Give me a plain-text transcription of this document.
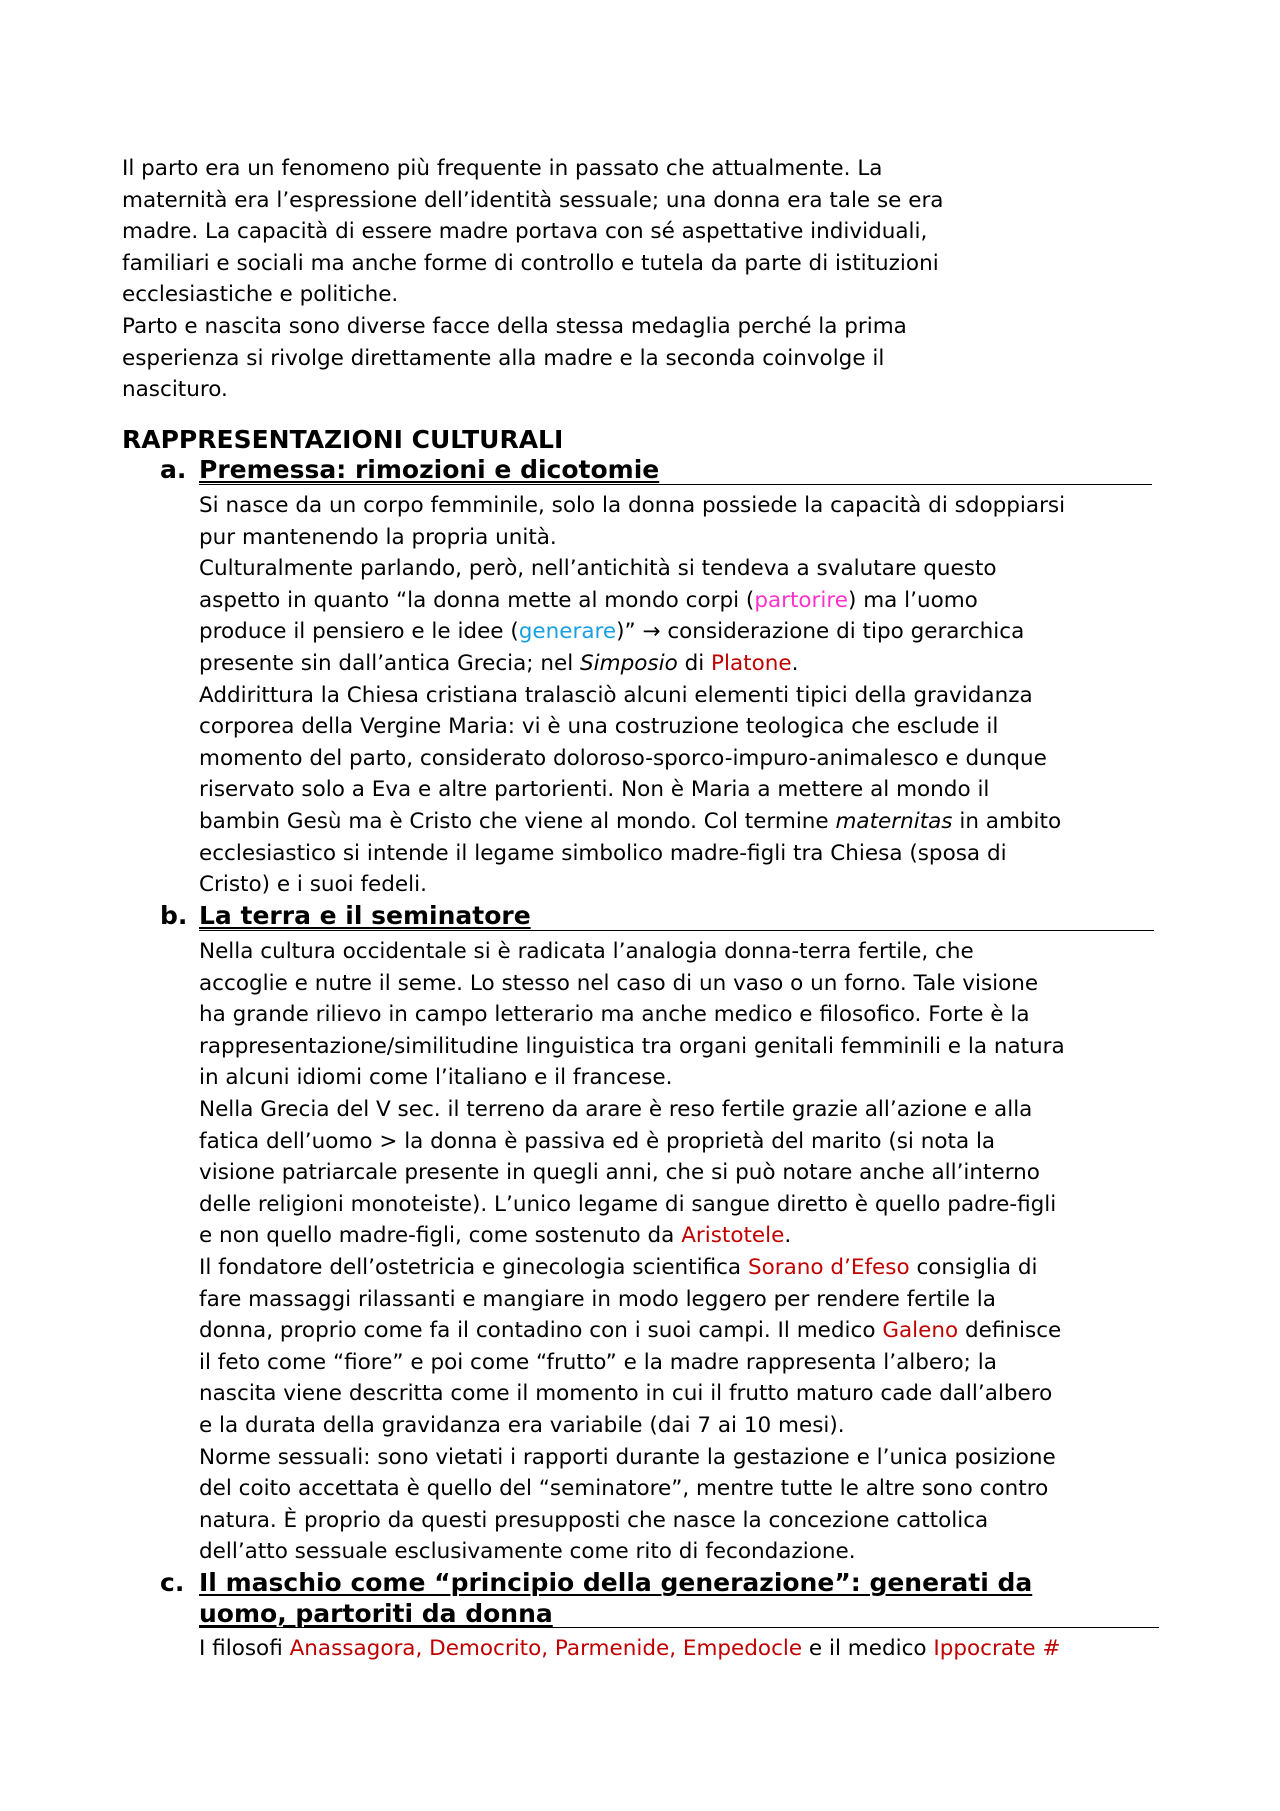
Il parto era un fenomeno più frequente in passato che attualmente. La

maternità era l’espressione dell’identità sessuale; una donna era tale se era

madre. La capacità di essere madre portava con sé aspettative individuali,

familiari e sociali ma anche forme di controllo e tutela da parte di istituzioni

ecclesiastiche e politiche.

Parto e nascita sono diverse facce della stessa medaglia perché la prima

esperienza si rivolge direttamente alla madre e la seconda coinvolge il

nascituro.

RAPPRESENTAZIONI CULTURALI
a. Premessa: rimozioni e dicotomie

Si nasce da un corpo femminile, solo la donna possiede la capacità di sdoppiarsi

pur mantenendo la propria unità.

Culturalmente parlando, però, nell’antichità si tendeva a svalutare questo

aspetto in quanto “la donna mette al mondo corpi (partorire) ma l’uomo

produce il pensiero e le idee (generare)” → considerazione di tipo gerarchica

presente sin dall’antica Grecia; nel Simposio di Platone.

Addirittura la Chiesa cristiana tralasciò alcuni elementi tipici della gravidanza

corporea della Vergine Maria: vi è una costruzione teologica che esclude il

momento del parto, considerato doloroso-sporco-impuro-animalesco e dunque

riservato solo a Eva e altre partorienti. Non è Maria a mettere al mondo il

bambin Gesù ma è Cristo che viene al mondo. Col termine maternitas in ambito

ecclesiastico si intende il legame simbolico madre-figli tra Chiesa (sposa di

Cristo) e i suoi fedeli.

b. La terra e il seminatore

Nella cultura occidentale si è radicata l’analogia donna-terra fertile, che

accoglie e nutre il seme. Lo stesso nel caso di un vaso o un forno. Tale visione

ha grande rilievo in campo letterario ma anche medico e filosofico. Forte è la

rappresentazione/similitudine linguistica tra organi genitali femminili e la natura

in alcuni idiomi come l’italiano e il francese.

Nella Grecia del V sec. il terreno da arare è reso fertile grazie all’azione e alla

fatica dell’uomo > la donna è passiva ed è proprietà del marito (si nota la

visione patriarcale presente in quegli anni, che si può notare anche all’interno

delle religioni monoteiste). L’unico legame di sangue diretto è quello padre-figli

e non quello madre-figli, come sostenuto da Aristotele.

Il fondatore dell’ostetricia e ginecologia scientifica Sorano d’Efeso consiglia di

fare massaggi rilassanti e mangiare in modo leggero per rendere fertile la

donna, proprio come fa il contadino con i suoi campi. Il medico Galeno definisce

il feto come “fiore” e poi come “frutto” e la madre rappresenta l’albero; la

nascita viene descritta come il momento in cui il frutto maturo cade dall’albero

e la durata della gravidanza era variabile (dai 7 ai 10 mesi).

Norme sessuali: sono vietati i rapporti durante la gestazione e l’unica posizione

del coito accettata è quello del “seminatore”, mentre tutte le altre sono contro

natura. È proprio da questi presupposti che nasce la concezione cattolica

dell’atto sessuale esclusivamente come rito di fecondazione.

c. Il maschio come “principio della generazione”: generati da
uomo, partoriti da donna

I filosofi Anassagora, Democrito, Parmenide, Empedocle e il medico Ippocrate #
